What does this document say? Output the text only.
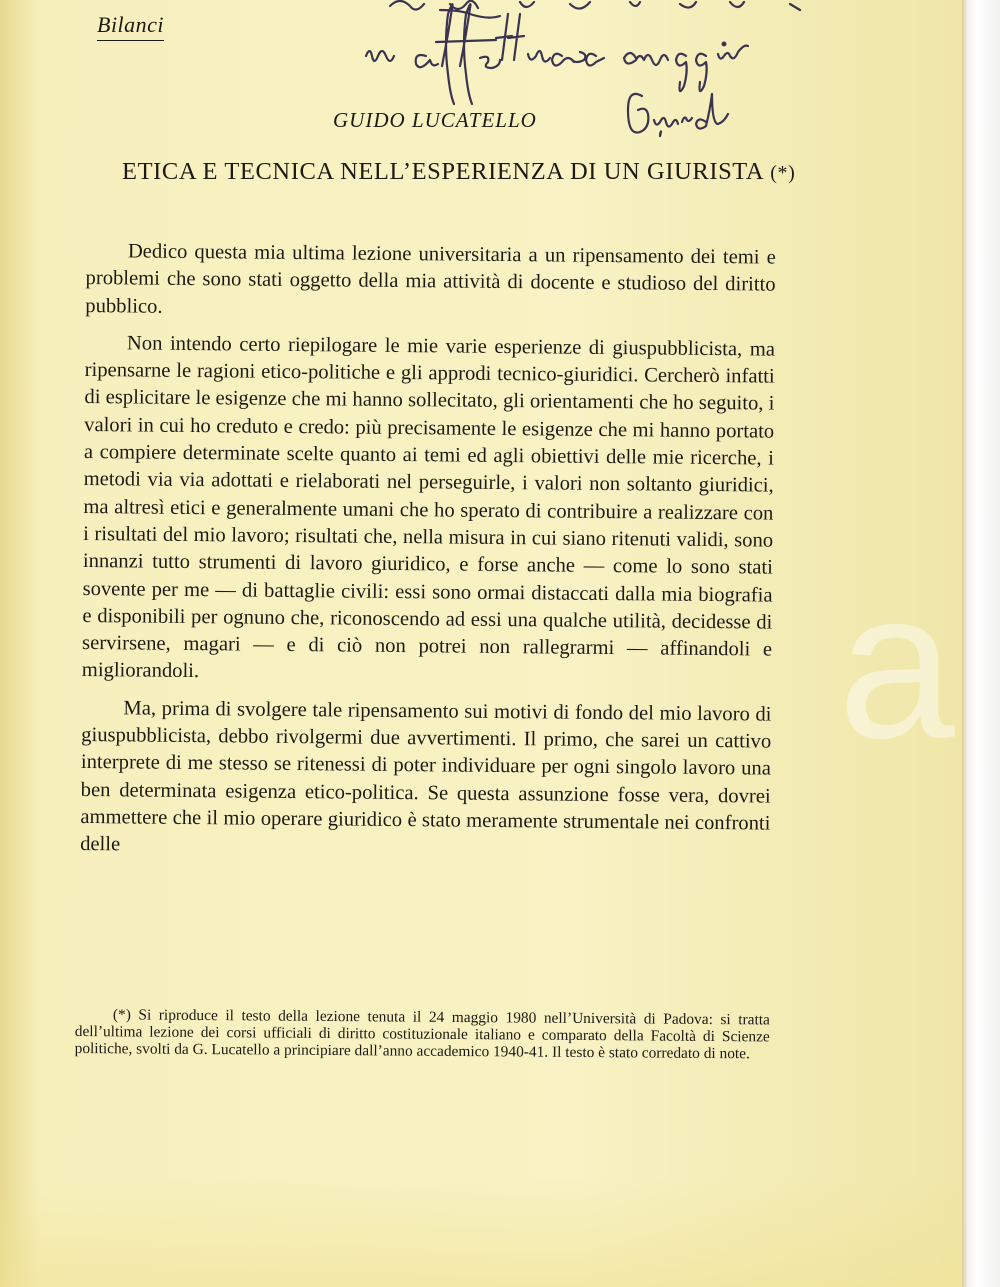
a
Bilanci
GUIDO LUCATELLO
ETICA E TECNICA NELL’ESPERIENZA DI UN GIURISTA (*)

Dedico questa mia ultima lezione universitaria a un ripensamento dei temi e problemi che sono stati oggetto della mia attività di docente e studioso del diritto pubblico.

Non intendo certo riepilogare le mie varie esperienze di giuspubblicista, ma ripensarne le ragioni etico-politiche e gli approdi tecnico-giuridici. Cercherò infatti di esplicitare le esigenze che mi hanno sollecitato, gli orientamenti che ho seguito, i valori in cui ho creduto e credo: più precisamente le esigenze che mi hanno portato a compiere determinate scelte quanto ai temi ed agli obiettivi delle mie ricerche, i metodi via via adottati e rielaborati nel perseguirle, i valori non soltanto giuridici, ma altresì etici e generalmente umani che ho sperato di contribuire a realizzare con i risultati del mio lavoro; risultati che, nella misura in cui siano ritenuti validi, sono innanzi tutto strumenti di lavoro giuridico, e forse anche — come lo sono stati sovente per me — di battaglie civili: essi sono ormai distaccati dalla mia biografia e disponibili per ognuno che, riconoscendo ad essi una qualche utilità, decidesse di servirsene, magari — e di ciò non potrei non rallegrarmi — affinandoli e migliorandoli.

Ma, prima di svolgere tale ripensamento sui motivi di fondo del mio lavoro di giuspubblicista, debbo rivolgermi due avvertimenti. Il primo, che sarei un cattivo interprete di me stesso se ritenessi di poter individuare per ogni singolo lavoro una ben determinata esigenza etico-politica. Se questa assunzione fosse vera, dovrei ammettere che il mio operare giuridico è stato meramente strumentale nei confronti delle

(*) Si riproduce il testo della lezione tenuta il 24 maggio 1980 nell’Università di Padova: si tratta dell’ultima lezione dei corsi ufficiali di diritto costituzionale italiano e comparato della Facoltà di Scienze politiche, svolti da G. Lucatello a principiare dall’anno accademico 1940-41. Il testo è stato corredato di note.
